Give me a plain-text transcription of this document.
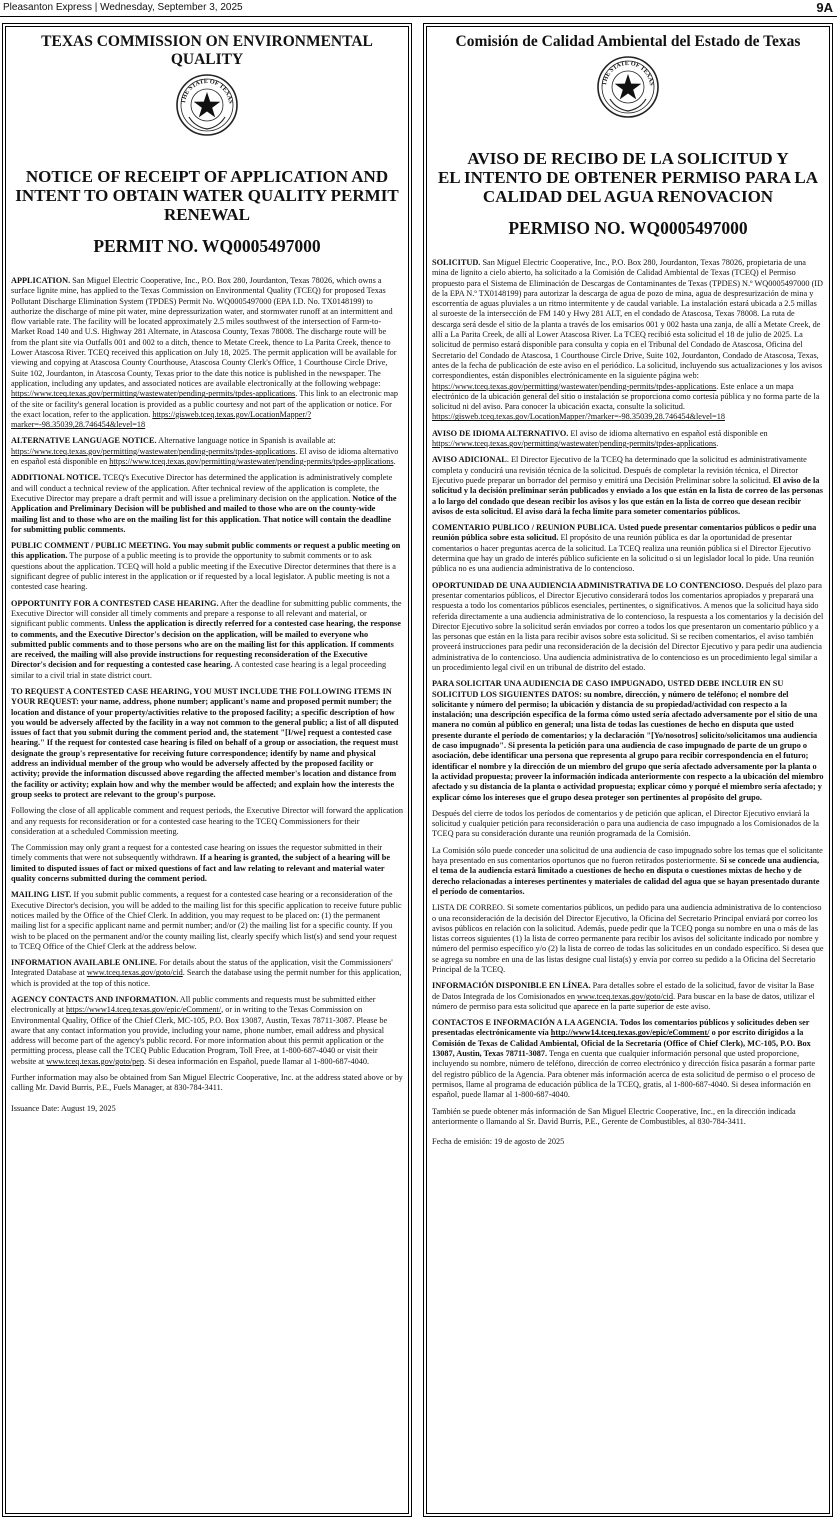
Pleasanton Express | Wednesday, September 3, 2025	9A
TEXAS COMMISSION ON ENVIRONMENTAL QUALITY
THE STATE OF TEXAS
NOTICE OF RECEIPT OF APPLICATION AND
INTENT TO OBTAIN WATER QUALITY PERMIT
RENEWAL
PERMIT NO. WQ0005497000

APPLICATION. San Miguel Electric Cooperative, Inc., P.O. Box 280, Jourdanton, Texas 78026, which owns a surface lignite mine, has applied to the Texas Commission on Environmental Quality (TCEQ) for proposed Texas Pollutant Discharge Elimination System (TPDES) Permit No. WQ0005497000 (EPA I.D. No. TX0148199) to authorize the discharge of mine pit water, mine depressurization water, and stormwater runoff at an intermittent and flow variable rate. The facility will be located approximately 2.5 miles southwest of the intersection of Farm-to-Market Road 140 and U.S. Highway 281 Alternate, in Atascosa County, Texas 78008. The discharge route will be from the plant site via Outfalls 001 and 002 to a ditch, thence to Metate Creek, thence to La Parita Creek, thence to Lower Atascosa River. TCEQ received this application on July 18, 2025. The permit application will be available for viewing and copying at Atascosa County Courthouse, Atascosa County Clerk's Office, 1 Courthouse Circle Drive, Suite 102, Jourdanton, in Atascosa County, Texas prior to the date this notice is published in the newspaper. The application, including any updates, and associated notices are available electronically at the following webpage: https://www.tceq.texas.gov/permitting/wastewater/pending-permits/tpdes-applications. This link to an electronic map of the site or facility's general location is provided as a public courtesy and not part of the application or notice. For the exact location, refer to the application. https://gisweb.tceq.texas.gov/LocationMapper/?marker=-98.35039,28.746454&level=18

ALTERNATIVE LANGUAGE NOTICE. Alternative language notice in Spanish is available at: https://www.tceq.texas.gov/permitting/wastewater/pending-permits/tpdes-applications. El aviso de idioma alternativo en español está disponible en https://www.tceq.texas.gov/permitting/wastewater/pending-permits/tpdes-applications.

ADDITIONAL NOTICE. TCEQ's Executive Director has determined the application is administratively complete and will conduct a technical review of the application. After technical review of the application is complete, the Executive Director may prepare a draft permit and will issue a preliminary decision on the application. Notice of the Application and Preliminary Decision will be published and mailed to those who are on the county-wide mailing list and to those who are on the mailing list for this application. That notice will contain the deadline for submitting public comments.

PUBLIC COMMENT / PUBLIC MEETING. You may submit public comments or request a public meeting on this application. The purpose of a public meeting is to provide the opportunity to submit comments or to ask questions about the application. TCEQ will hold a public meeting if the Executive Director determines that there is a significant degree of public interest in the application or if requested by a local legislator. A public meeting is not a contested case hearing.

OPPORTUNITY FOR A CONTESTED CASE HEARING. After the deadline for submitting public comments, the Executive Director will consider all timely comments and prepare a response to all relevant and material, or significant public comments. Unless the application is directly referred for a contested case hearing, the response to comments, and the Executive Director's decision on the application, will be mailed to everyone who submitted public comments and to those persons who are on the mailing list for this application. If comments are received, the mailing will also provide instructions for requesting reconsideration of the Executive Director's decision and for requesting a contested case hearing. A contested case hearing is a legal proceeding similar to a civil trial in state district court.

TO REQUEST A CONTESTED CASE HEARING, YOU MUST INCLUDE THE FOLLOWING ITEMS IN YOUR REQUEST: your name, address, phone number; applicant's name and proposed permit number; the location and distance of your property/activities relative to the proposed facility; a specific description of how you would be adversely affected by the facility in a way not common to the general public; a list of all disputed issues of fact that you submit during the comment period and, the statement "[I/we] request a contested case hearing." If the request for contested case hearing is filed on behalf of a group or association, the request must designate the group's representative for receiving future correspondence; identify by name and physical address an individual member of the group who would be adversely affected by the proposed facility or activity; provide the information discussed above regarding the affected member's location and distance from the facility or activity; explain how and why the member would be affected; and explain how the interests the group seeks to protect are relevant to the group's purpose.

Following the close of all applicable comment and request periods, the Executive Director will forward the application and any requests for reconsideration or for a contested case hearing to the TCEQ Commissioners for their consideration at a scheduled Commission meeting.

The Commission may only grant a request for a contested case hearing on issues the requestor submitted in their timely comments that were not subsequently withdrawn. If a hearing is granted, the subject of a hearing will be limited to disputed issues of fact or mixed questions of fact and law relating to relevant and material water quality concerns submitted during the comment period.

MAILING LIST. If you submit public comments, a request for a contested case hearing or a reconsideration of the Executive Director's decision, you will be added to the mailing list for this specific application to receive future public notices mailed by the Office of the Chief Clerk. In addition, you may request to be placed on: (1) the permanent mailing list for a specific applicant name and permit number; and/or (2) the mailing list for a specific county. If you wish to be placed on the permanent and/or the county mailing list, clearly specify which list(s) and send your request to TCEQ Office of the Chief Clerk at the address below.

INFORMATION AVAILABLE ONLINE. For details about the status of the application, visit the Commissioners' Integrated Database at www.tceq.texas.gov/goto/cid. Search the database using the permit number for this application, which is provided at the top of this notice.

AGENCY CONTACTS AND INFORMATION. All public comments and requests must be submitted either electronically at https://www14.tceq.texas.gov/epic/eComment/, or in writing to the Texas Commission on Environmental Quality, Office of the Chief Clerk, MC-105, P.O. Box 13087, Austin, Texas 78711-3087. Please be aware that any contact information you provide, including your name, phone number, email address and physical address will become part of the agency's public record. For more information about this permit application or the permitting process, please call the TCEQ Public Education Program, Toll Free, at 1-800-687-4040 or visit their website at www.tceq.texas.gov/goto/pep. Si desea información en Español, puede llamar al 1-800-687-4040.

Further information may also be obtained from San Miguel Electric Cooperative, Inc. at the address stated above or by calling Mr. David Burris, P.E., Fuels Manager, at 830-784-3411.

Issuance Date: August 19, 2025

Comisión de Calidad Ambiental del Estado de Texas
THE STATE OF TEXAS
AVISO DE RECIBO DE LA SOLICITUD Y
EL INTENTO DE OBTENER PERMISO PARA LA
CALIDAD DEL AGUA RENOVACION
PERMISO NO. WQ0005497000

SOLICITUD. San Miguel Electric Cooperative, Inc., P.O. Box 280, Jourdanton, Texas 78026, propietaria de una mina de lignito a cielo abierto, ha solicitado a la Comisión de Calidad Ambiental de Texas (TCEQ) el Permiso propuesto para el Sistema de Eliminación de Descargas de Contaminantes de Texas (TPDES) N.º WQ0005497000 (ID de la EPA N.º TX0148199) para autorizar la descarga de agua de pozo de mina, agua de despresurización de mina y escorrentía de aguas pluviales a un ritmo intermitente y de caudal variable. La instalación estará ubicada a 2.5 millas al suroeste de la intersección de FM 140 y Hwy 281 ALT, en el condado de Atascosa, Texas 78008. La ruta de descarga será desde el sitio de la planta a través de los emisarios 001 y 002 hasta una zanja, de allí a Metate Creek, de allí a La Parita Creek, de allí al Lower Atascosa River. La TCEQ recibió esta solicitud el 18 de julio de 2025. La solicitud de permiso estará disponible para consulta y copia en el Tribunal del Condado de Atascosa, Oficina del Secretario del Condado de Atascosa, 1 Courthouse Circle Drive, Suite 102, Jourdanton, Condado de Atascosa, Texas, antes de la fecha de publicación de este aviso en el periódico. La solicitud, incluyendo sus actualizaciones y los avisos correspondientes, están disponibles electrónicamente en la siguiente página web: https://www.tceq.texas.gov/permitting/wastewater/pending-permits/tpdes-applications. Este enlace a un mapa electrónico de la ubicación general del sitio o instalación se proporciona como cortesía pública y no forma parte de la solicitud ni del aviso. Para conocer la ubicación exacta, consulte la solicitud. https://gisweb.tceq.texas.gov/LocationMapper/?marker=-98.35039,28.746454&level=18

AVISO DE IDIOMA ALTERNATIVO. El aviso de idioma alternativo en español está disponible en https://www.tceq.texas.gov/permitting/wastewater/pending-permits/tpdes-applications.

AVISO ADICIONAL. El Director Ejecutivo de la TCEQ ha determinado que la solicitud es administrativamente completa y conducirá una revisión técnica de la solicitud. Después de completar la revisión técnica, el Director Ejecutivo puede preparar un borrador del permiso y emitirá una Decisión Preliminar sobre la solicitud. El aviso de la solicitud y la decisión preliminar serán publicados y enviado a los que están en la lista de correo de las personas a lo largo del condado que desean recibir los avisos y los que están en la lista de correo que desean recibir avisos de esta solicitud. El aviso dará la fecha límite para someter comentarios públicos.

COMENTARIO PUBLICO / REUNION PUBLICA. Usted puede presentar comentarios públicos o pedir una reunión pública sobre esta solicitud. El propósito de una reunión pública es dar la oportunidad de presentar comentarios o hacer preguntas acerca de la solicitud. La TCEQ realiza una reunión pública si el Director Ejecutivo determina que hay un grado de interés público suficiente en la solicitud o si un legislador local lo pide. Una reunión pública no es una audiencia administrativa de lo contencioso.

OPORTUNIDAD DE UNA AUDIENCIA ADMINISTRATIVA DE LO CONTENCIOSO. Después del plazo para presentar comentarios públicos, el Director Ejecutivo considerará todos los comentarios apropiados y preparará una respuesta a todo los comentarios públicos esenciales, pertinentes, o significativos. A menos que la solicitud haya sido referida directamente a una audiencia administrativa de lo contencioso, la respuesta a los comentarios y la decisión del Director Ejecutivo sobre la solicitud serán enviados por correo a todos los que presentaron un comentario público y a las personas que están en la lista para recibir avisos sobre esta solicitud. Si se reciben comentarios, el aviso también proveerá instrucciones para pedir una reconsideración de la decisión del Director Ejecutivo y para pedir una audiencia administrativa de lo contencioso. Una audiencia administrativa de lo contencioso es un procedimiento legal similar a un procedimiento legal civil en un tribunal de distrito del estado.

PARA SOLICITAR UNA AUDIENCIA DE CASO IMPUGNADO, USTED DEBE INCLUIR EN SU SOLICITUD LOS SIGUIENTES DATOS: su nombre, dirección, y número de teléfono; el nombre del solicitante y número del permiso; la ubicación y distancia de su propiedad/actividad con respecto a la instalación; una descripción específica de la forma cómo usted sería afectado adversamente por el sitio de una manera no común al público en general; una lista de todas las cuestiones de hecho en disputa que usted presente durante el período de comentarios; y la declaración "[Yo/nosotros] solicito/solicitamos una audiencia de caso impugnado". Si presenta la petición para una audiencia de caso impugnado de parte de un grupo o asociación, debe identificar una persona que representa al grupo para recibir correspondencia en el futuro; identificar el nombre y la dirección de un miembro del grupo que sería afectado adversamente por la planta o la actividad propuesta; proveer la información indicada anteriormente con respecto a la ubicación del miembro afectado y su distancia de la planta o actividad propuesta; explicar cómo y porqué el miembro sería afectado; y explicar cómo los intereses que el grupo desea proteger son pertinentes al propósito del grupo.

Después del cierre de todos los períodos de comentarios y de petición que aplican, el Director Ejecutivo enviará la solicitud y cualquier petición para reconsideración o para una audiencia de caso impugnado a los Comisionados de la TCEQ para su consideración durante una reunión programada de la Comisión.

La Comisión sólo puede conceder una solicitud de una audiencia de caso impugnado sobre los temas que el solicitante haya presentado en sus comentarios oportunos que no fueron retirados posteriormente. Si se concede una audiencia, el tema de la audiencia estará limitado a cuestiones de hecho en disputa o cuestiones mixtas de hecho y de derecho relacionadas a intereses pertinentes y materiales de calidad del agua que se hayan presentado durante el período de comentarios.

LISTA DE CORREO. Si somete comentarios públicos, un pedido para una audiencia administrativa de lo contencioso o una reconsideración de la decisión del Director Ejecutivo, la Oficina del Secretario Principal enviará por correo los avisos públicos en relación con la solicitud. Además, puede pedir que la TCEQ ponga su nombre en una o más de las listas correos siguientes (1) la lista de correo permanente para recibir los avisos del solicitante indicado por nombre y número del permiso específico y/o (2) la lista de correo de todas las solicitudes en un condado específico. Si desea que se agrega su nombre en una de las listas designe cual lista(s) y envía por correo su pedido a la Oficina del Secretario Principal de la TCEQ.

INFORMACIÓN DISPONIBLE EN LÍNEA. Para detalles sobre el estado de la solicitud, favor de visitar la Base de Datos Integrada de los Comisionados en www.tceq.texas.gov/goto/cid. Para buscar en la base de datos, utilizar el número de permiso para esta solicitud que aparece en la parte superior de este aviso.

CONTACTOS E INFORMACIÓN A LA AGENCIA. Todos los comentarios públicos y solicitudes deben ser presentadas electrónicamente vía http://www14.tceq.texas.gov/epic/eComment/ o por escrito dirigidos a la Comisión de Texas de Calidad Ambiental, Oficial de la Secretaría (Office of Chief Clerk), MC-105, P.O. Box 13087, Austin, Texas 78711-3087. Tenga en cuenta que cualquier información personal que usted proporcione, incluyendo su nombre, número de teléfono, dirección de correo electrónico y dirección física pasarán a formar parte del registro público de la Agencia. Para obtener más información acerca de esta solicitud de permiso o el proceso de permisos, llame al programa de educación pública de la TCEQ, gratis, al 1-800-687-4040. Si desea información en español, puede llamar al 1-800-687-4040.

También se puede obtener más información de San Miguel Electric Cooperative, Inc., en la dirección indicada anteriormente o llamando al Sr. David Burris, P.E., Gerente de Combustibles, al 830-784-3411.

Fecha de emisión: 19 de agosto de 2025
